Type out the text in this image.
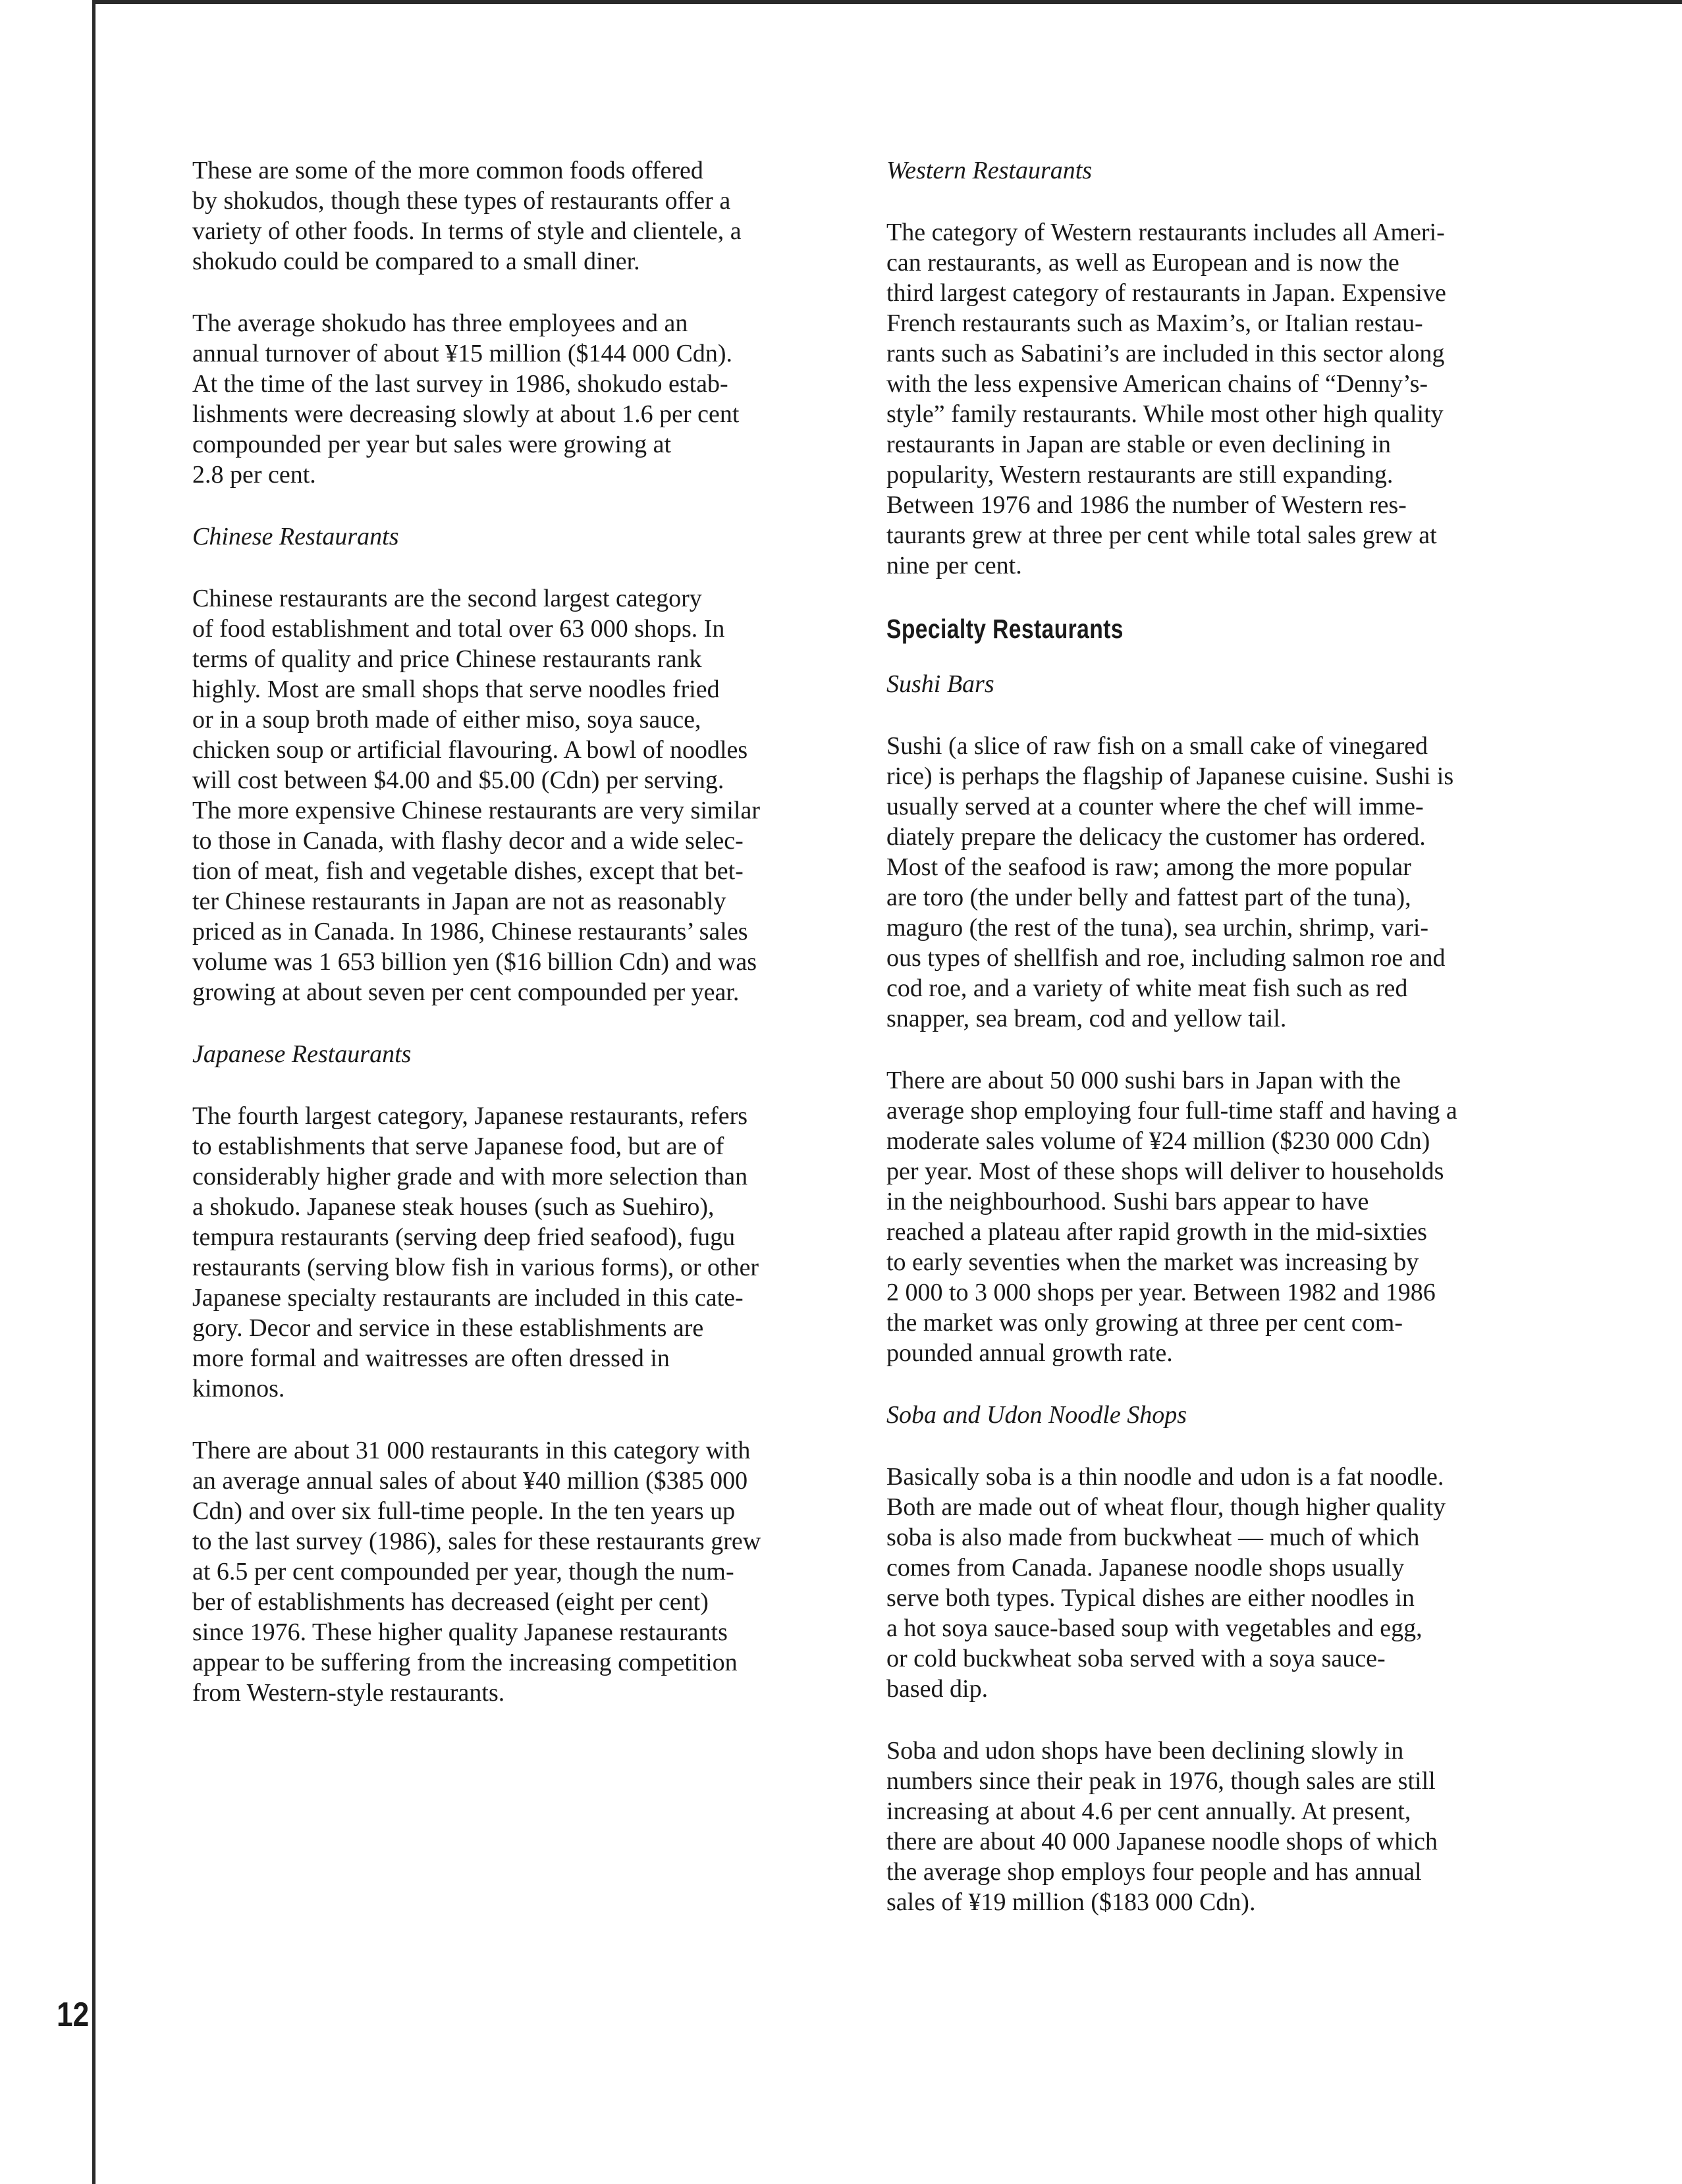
These are some of the more common foods offered
by shokudos, though these types of restaurants offer a
variety of other foods. In terms of style and clientele, a
shokudo could be compared to a small diner.

The average shokudo has three employees and an
annual turnover of about ¥15 million ($144 000 Cdn).
At the time of the last survey in 1986, shokudo estab-
lishments were decreasing slowly at about 1.6 per cent
compounded per year but sales were growing at
2.8 per cent.

Chinese Restaurants

Chinese restaurants are the second largest category
of food establishment and total over 63 000 shops. In
terms of quality and price Chinese restaurants rank
highly. Most are small shops that serve noodles fried
or in a soup broth made of either miso, soya sauce,
chicken soup or artificial flavouring. A bowl of noodles
will cost between $4.00 and $5.00 (Cdn) per serving.
The more expensive Chinese restaurants are very similar
to those in Canada, with flashy decor and a wide selec-
tion of meat, fish and vegetable dishes, except that bet-
ter Chinese restaurants in Japan are not as reasonably
priced as in Canada. In 1986, Chinese restaurants’ sales
volume was 1 653 billion yen ($16 billion Cdn) and was
growing at about seven per cent compounded per year.

Japanese Restaurants

The fourth largest category, Japanese restaurants, refers
to establishments that serve Japanese food, but are of
considerably higher grade and with more selection than
a shokudo. Japanese steak houses (such as Suehiro),
tempura restaurants (serving deep fried seafood), fugu
restaurants (serving blow fish in various forms), or other
Japanese specialty restaurants are included in this cate-
gory. Decor and service in these establishments are
more formal and waitresses are often dressed in
kimonos.

There are about 31 000 restaurants in this category with
an average annual sales of about ¥40 million ($385 000
Cdn) and over six full-time people. In the ten years up
to the last survey (1986), sales for these restaurants grew
at 6.5 per cent compounded per year, though the num-
ber of establishments has decreased (eight per cent)
since 1976. These higher quality Japanese restaurants
appear to be suffering from the increasing competition
from Western-style restaurants.

Western Restaurants

The category of Western restaurants includes all Ameri-
can restaurants, as well as European and is now the
third largest category of restaurants in Japan. Expensive
French restaurants such as Maxim’s, or Italian restau-
rants such as Sabatini’s are included in this sector along
with the less expensive American chains of “Denny’s-
style” family restaurants. While most other high quality
restaurants in Japan are stable or even declining in
popularity, Western restaurants are still expanding.
Between 1976 and 1986 the number of Western res-
taurants grew at three per cent while total sales grew at
nine per cent.

Specialty Restaurants
Sushi Bars

Sushi (a slice of raw fish on a small cake of vinegared
rice) is perhaps the flagship of Japanese cuisine. Sushi is
usually served at a counter where the chef will imme-
diately prepare the delicacy the customer has ordered.
Most of the seafood is raw; among the more popular
are toro (the under belly and fattest part of the tuna),
maguro (the rest of the tuna), sea urchin, shrimp, vari-
ous types of shellfish and roe, including salmon roe and
cod roe, and a variety of white meat fish such as red
snapper, sea bream, cod and yellow tail.

There are about 50 000 sushi bars in Japan with the
average shop employing four full-time staff and having a
moderate sales volume of ¥24 million ($230 000 Cdn)
per year. Most of these shops will deliver to households
in the neighbourhood. Sushi bars appear to have
reached a plateau after rapid growth in the mid-sixties
to early seventies when the market was increasing by
2 000 to 3 000 shops per year. Between 1982 and 1986
the market was only growing at three per cent com-
pounded annual growth rate.

Soba and Udon Noodle Shops

Basically soba is a thin noodle and udon is a fat noodle.
Both are made out of wheat flour, though higher quality
soba is also made from buckwheat — much of which
comes from Canada. Japanese noodle shops usually
serve both types. Typical dishes are either noodles in
a hot soya sauce-based soup with vegetables and egg,
or cold buckwheat soba served with a soya sauce-
based dip.

Soba and udon shops have been declining slowly in
numbers since their peak in 1976, though sales are still
increasing at about 4.6 per cent annually. At present,
there are about 40 000 Japanese noodle shops of which
the average shop employs four people and has annual
sales of ¥19 million ($183 000 Cdn).

12
